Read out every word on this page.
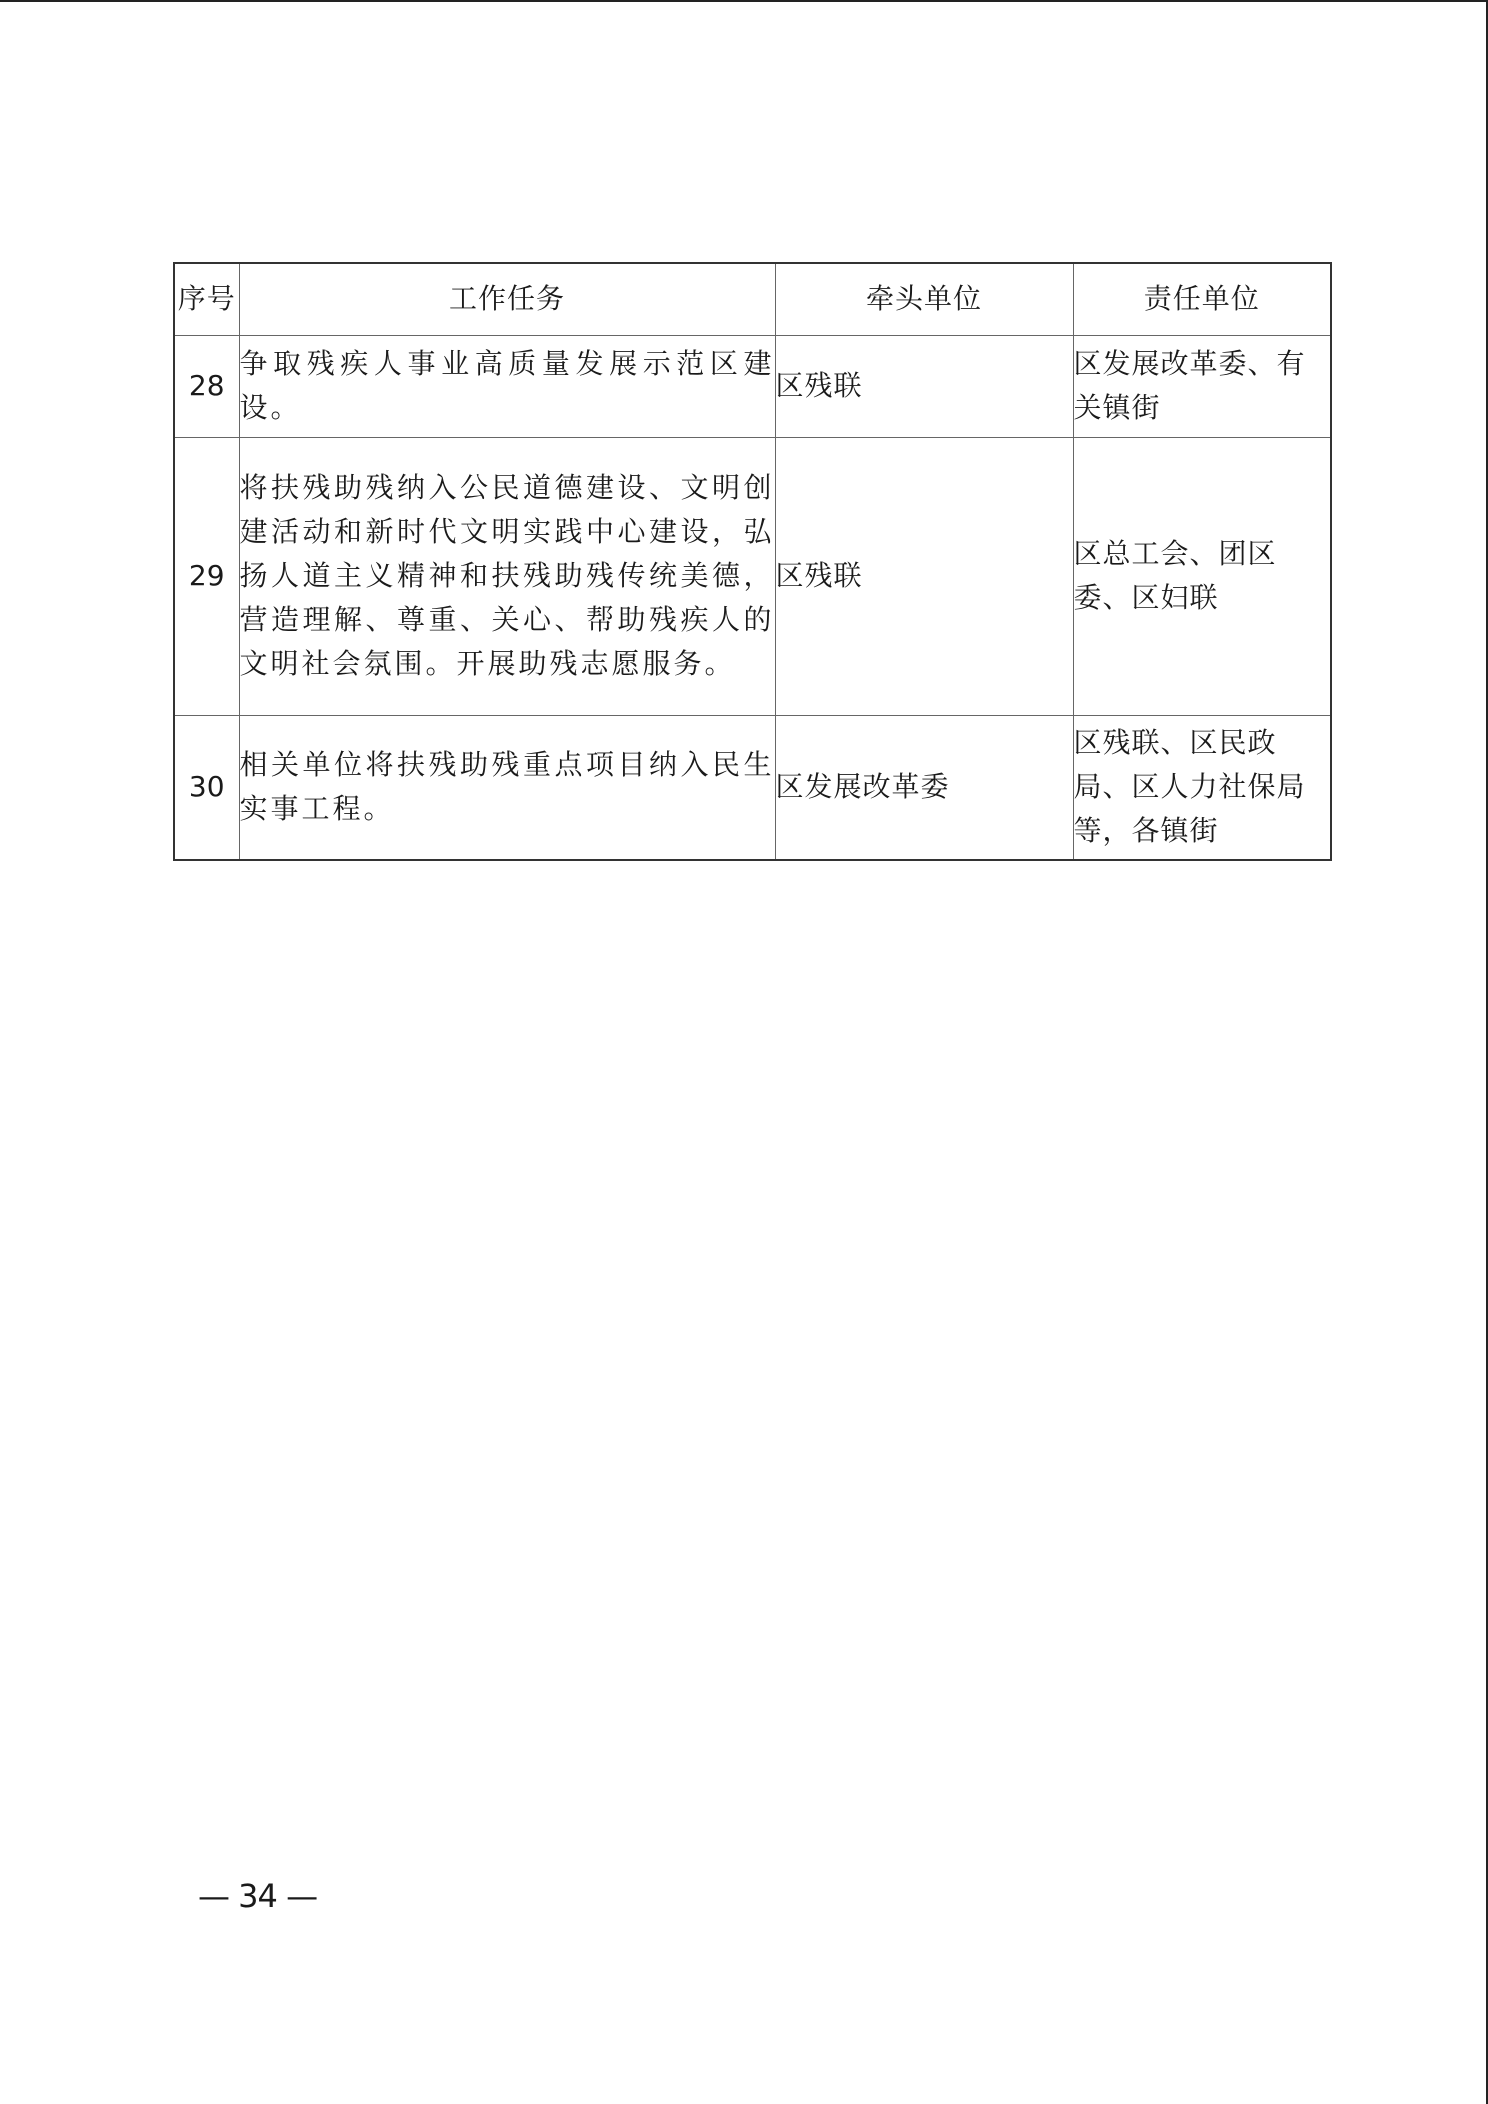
序号	工作任务	牵头单位	责任单位
28	争取残疾人事业高质量发展示范区建设。	区残联	区发展改革委、有关镇街
29	将扶残助残纳入公民道德建设、文明创建活动和新时代文明实践中心建设，弘扬人道主义精神和扶残助残传统美德，营造理解、尊重、关心、帮助残疾人的文明社会氛围。开展助残志愿服务。	区残联	区总工会、团区委、区妇联
30	相关单位将扶残助残重点项目纳入民生实事工程。	区发展改革委	区残联、区民政局、区人力社保局等，各镇街
— 34 —
